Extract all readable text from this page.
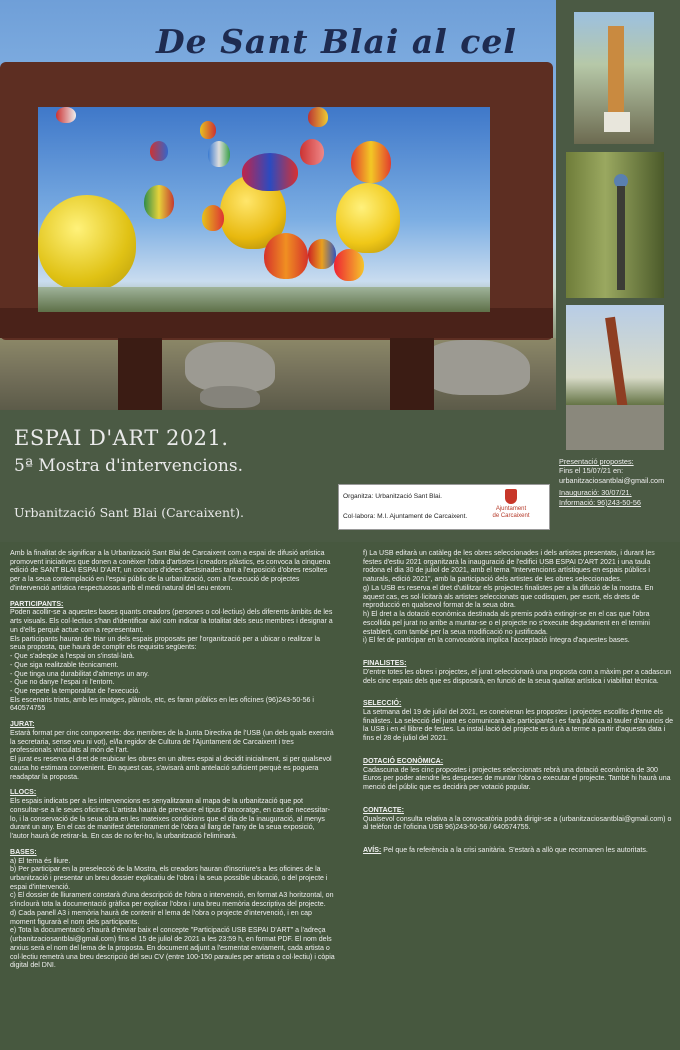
De Sant Blai al cel
ESPAI D'ART 2021.
5ª Mostra d'intervencions.
Urbanització Sant Blai (Carcaixent).
Organitza: Urbanització Sant Blai.
Col·labora: M.I. Ajuntament de Carcaixent.
Ajuntament
de Carcaixent
Presentació propostes:
Fins el 15/07/21 en:
urbanitzaciosantblai@gmail.com
Inauguració: 30/07/21.
Informació: 96)243-50-56
Amb la finalitat de significar a la Urbanització Sant Blai de Carcaixent com a espai de difusió artística promovent iniciatives que donen a conèixer l'obra d'artistes i creadors plàstics, es convoca la cinquena edició de SANT BLAI ESPAI D'ART, un concurs d'idees destsinades tant a l'exposició d'obres resoltes per a la seua contemplació en l'espai públic de la urbanització, com a l'execució de projectes d'intervenció artística respectuosos amb el medi natural del seu entorn.
PARTICIPANTS:
Poden acollir-se a aquestes bases quants creadors (persones o col·lectius) dels diferents àmbits de les arts visuals. Els col·lectius s'han d'identificar així com indicar la totalitat dels seus membres i designar a un d'ells perquè actue com a representant.
Els participants hauran de triar un dels espais proposats per l'organització per a ubicar o realitzar la seua proposta, que haurà de complir els requisits següents:
- Que s'adeqüe a l'espai on s'instal·larà.
- Que siga realitzable tècnicament.
- Que tinga una durabilitat d'almenys un any.
- Que no danye l'espai ni l'entorn.
- Que repete la temporalitat de l'execució.
Els escenaris triats, amb les imatges, plànols, etc, es faran públics en les oficines (96)243-50-56 i 640574755
JURAT:
Estarà format per cinc components: dos membres de la Junta Directiva de l'USB (un dels quals exercirà la secretaria, sense veu ni vot), el/la regidor de Cultura de l'Ajuntament de Carcaixent i tres professionals vinculats al món de l'art.
El jurat es reserva el dret de reubicar les obres en un altres espai al decidit inicialment, si per qualsevol causa ho estimara convenient. En aquest cas, s'avisarà amb antelació suficient perquè es poguera readaptar la proposta.
LLOCS:
Els espais indicats per a les intervencions es senyalitzaran al mapa de la urbanització que pot consultar-se a le seues oficines. L'artista haurà de preveure el tipus d'ancoratge, en cas de necessitar-lo, i la conservació de la seua obra en les mateixes condicions que el dia de la inauguració, al menys durant un any. En el cas de manifest deteriorament de l'obra al llarg de l'any de la seua exposició, l'autor haurà de retirar-la. En cas de no fer-ho, la urbanització l'eliminarà.
BASES:
a) El tema és lliure.
b) Per participar en la preselecció de la Mostra, els creadors hauran d'inscriure's a les oficines de la urbanització i presentar un breu dossier explicatiu de l'obra i la seua possible ubicació, o del projecte i espai d'intervenció.
c) El dossier de lliurament constarà d'una descripció de l'obra o intervenció, en format A3 horitzontal, on s'inclourà tota la documentació gràfica per explicar l'obra i una breu memòria descriptiva del projecte.
d) Cada panell A3 i memòria haurà de contenir el lema de l'obra o projecte d'intervenció, i en cap moment figurarà el nom dels participants.
e) Tota la documentació s'haurà d'enviar baix el concepte "Participació USB ESPAI D'ART" a l'adreça (urbanitzaciosantblai@gmail.com) fins el 15 de juliol de 2021 a les 23:59 h, en format PDF. El nom dels arxius serà el nom del lema de la proposta. En document adjunt a l'esmentat enviament, cada artista o col·lectiu remetrà una breu descripció del seu CV (entre 100-150 paraules per artista o col·lectiu) i còpia digital del DNI.
f) La USB editarà un catàleg de les obres seleccionades i dels artistes presentats, i durant les festes d'estiu 2021 organitzarà la inauguració de l'edifici USB ESPAI D'ART 2021 i una taula rodona el dia 30 de juliol de 2021, amb el tema "Intervencions artístiques en espais públics i naturals, edició 2021", amb la participació dels artistes de les obres seleccionades.
g) La USB es reserva el dret d'utilitzar els projectes finalistes per a la difusió de la mostra. En aquest cas, es sol·licitarà als artistes seleccionats que codisquen, per escrit, els drets de reproducció en qualsevol format de la seua obra.
h) El dret a la dotació econòmica destinada als premis podrà extingir-se en el cas que l'obra escollida pel jurat no arribe a muntar-se o el projecte no s'execute degudament en el termini establert, com també per la seua modificació no justificada.
i) El fet de participar en la convocatòria implica l'acceptació íntegra d'aquestes bases.
FINALISTES:
D'entre totes les obres i projectes, el jurat seleccionarà una proposta com a màxim per a cadascun dels cinc espais dels que es disposarà, en funció de la seua qualitat artística i viabilitat tècnica.
SELECCIÓ:
La setmana del 19 de juliol del 2021, es coneixeran les propostes i projectes escollits d'entre els finalistes. La selecció del jurat es comunicarà als participants i es farà pública al tauler d'anuncis de la USB i en el llibre de festes. La instal·lació del projecte es durà a terme a partir d'aquesta data i fins el 28 de juliol del 2021.
DOTACIÓ ECONÒMICA:
Cadascuna de les cinc propostes i projectes seleccionats rebrà una dotació econòmica de 300 Euros per poder atendre les despeses de muntar l'obra o executar el projecte. També hi haurà una menció del públic que es decidirà per votació popular.
CONTACTE:
Qualsevol consulta relativa a la convocatòria podrà dirigir-se a (urbanitzaciosantblai@gmail.com) o al telèfon de l'oficina USB 96)243-50-56 / 640574755.
AVÍS: Pel que fa referència a la crisi sanitària. S'estarà a allò que recomanen les autoritats.
